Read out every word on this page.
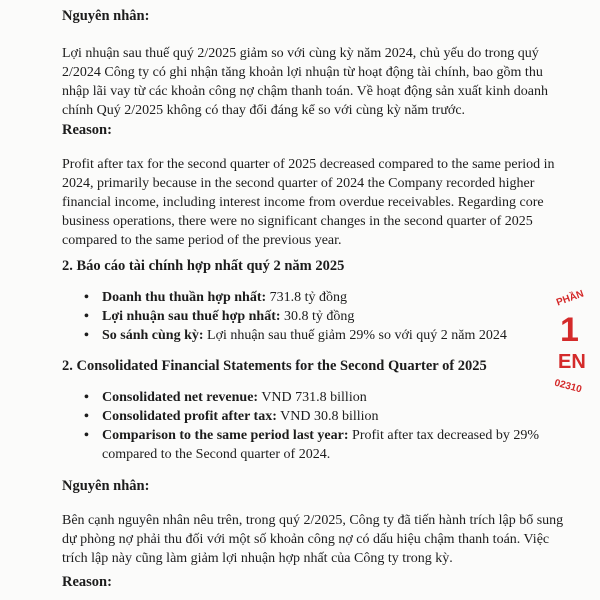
Nguyên nhân:

Lợi nhuận sau thuế quý 2/2025 giảm so với cùng kỳ năm 2024, chủ yếu do trong quý
2/2024 Công ty có ghi nhận tăng khoản lợi nhuận từ hoạt động tài chính, bao gồm thu
nhập lãi vay từ các khoản công nợ chậm thanh toán. Về hoạt động sản xuất kinh doanh
chính Quý 2/2025 không có thay đổi đáng kể so với cùng kỳ năm trước.

Reason:

Profit after tax for the second quarter of 2025 decreased compared to the same period in
2024, primarily because in the second quarter of 2024 the Company recorded higher
financial income, including interest income from overdue receivables. Regarding core
business operations, there were no significant changes in the second quarter of 2025
compared to the same period of the previous year.

2. Báo cáo tài chính hợp nhất quý 2 năm 2025

• Doanh thu thuần hợp nhất: 731.8 tỷ đồng
• Lợi nhuận sau thuế hợp nhất: 30.8 tỷ đồng
• So sánh cùng kỳ: Lợi nhuận sau thuế giảm 29% so với quý 2 năm 2024

2. Consolidated Financial Statements for the Second Quarter of 2025

• Consolidated net revenue: VND 731.8 billion
• Consolidated profit after tax: VND 30.8 billion
• Comparison to the same period last year: Profit after tax decreased by 29%
compared to the Second quarter of 2024.

Nguyên nhân:

Bên cạnh nguyên nhân nêu trên, trong quý 2/2025, Công ty đã tiến hành trích lập bổ sung
dự phòng nợ phải thu đối với một số khoản công nợ có dấu hiệu chậm thanh toán. Việc
trích lập này cũng làm giảm lợi nhuận hợp nhất của Công ty trong kỳ.

Reason:

PHẦN
1
EN
02310
